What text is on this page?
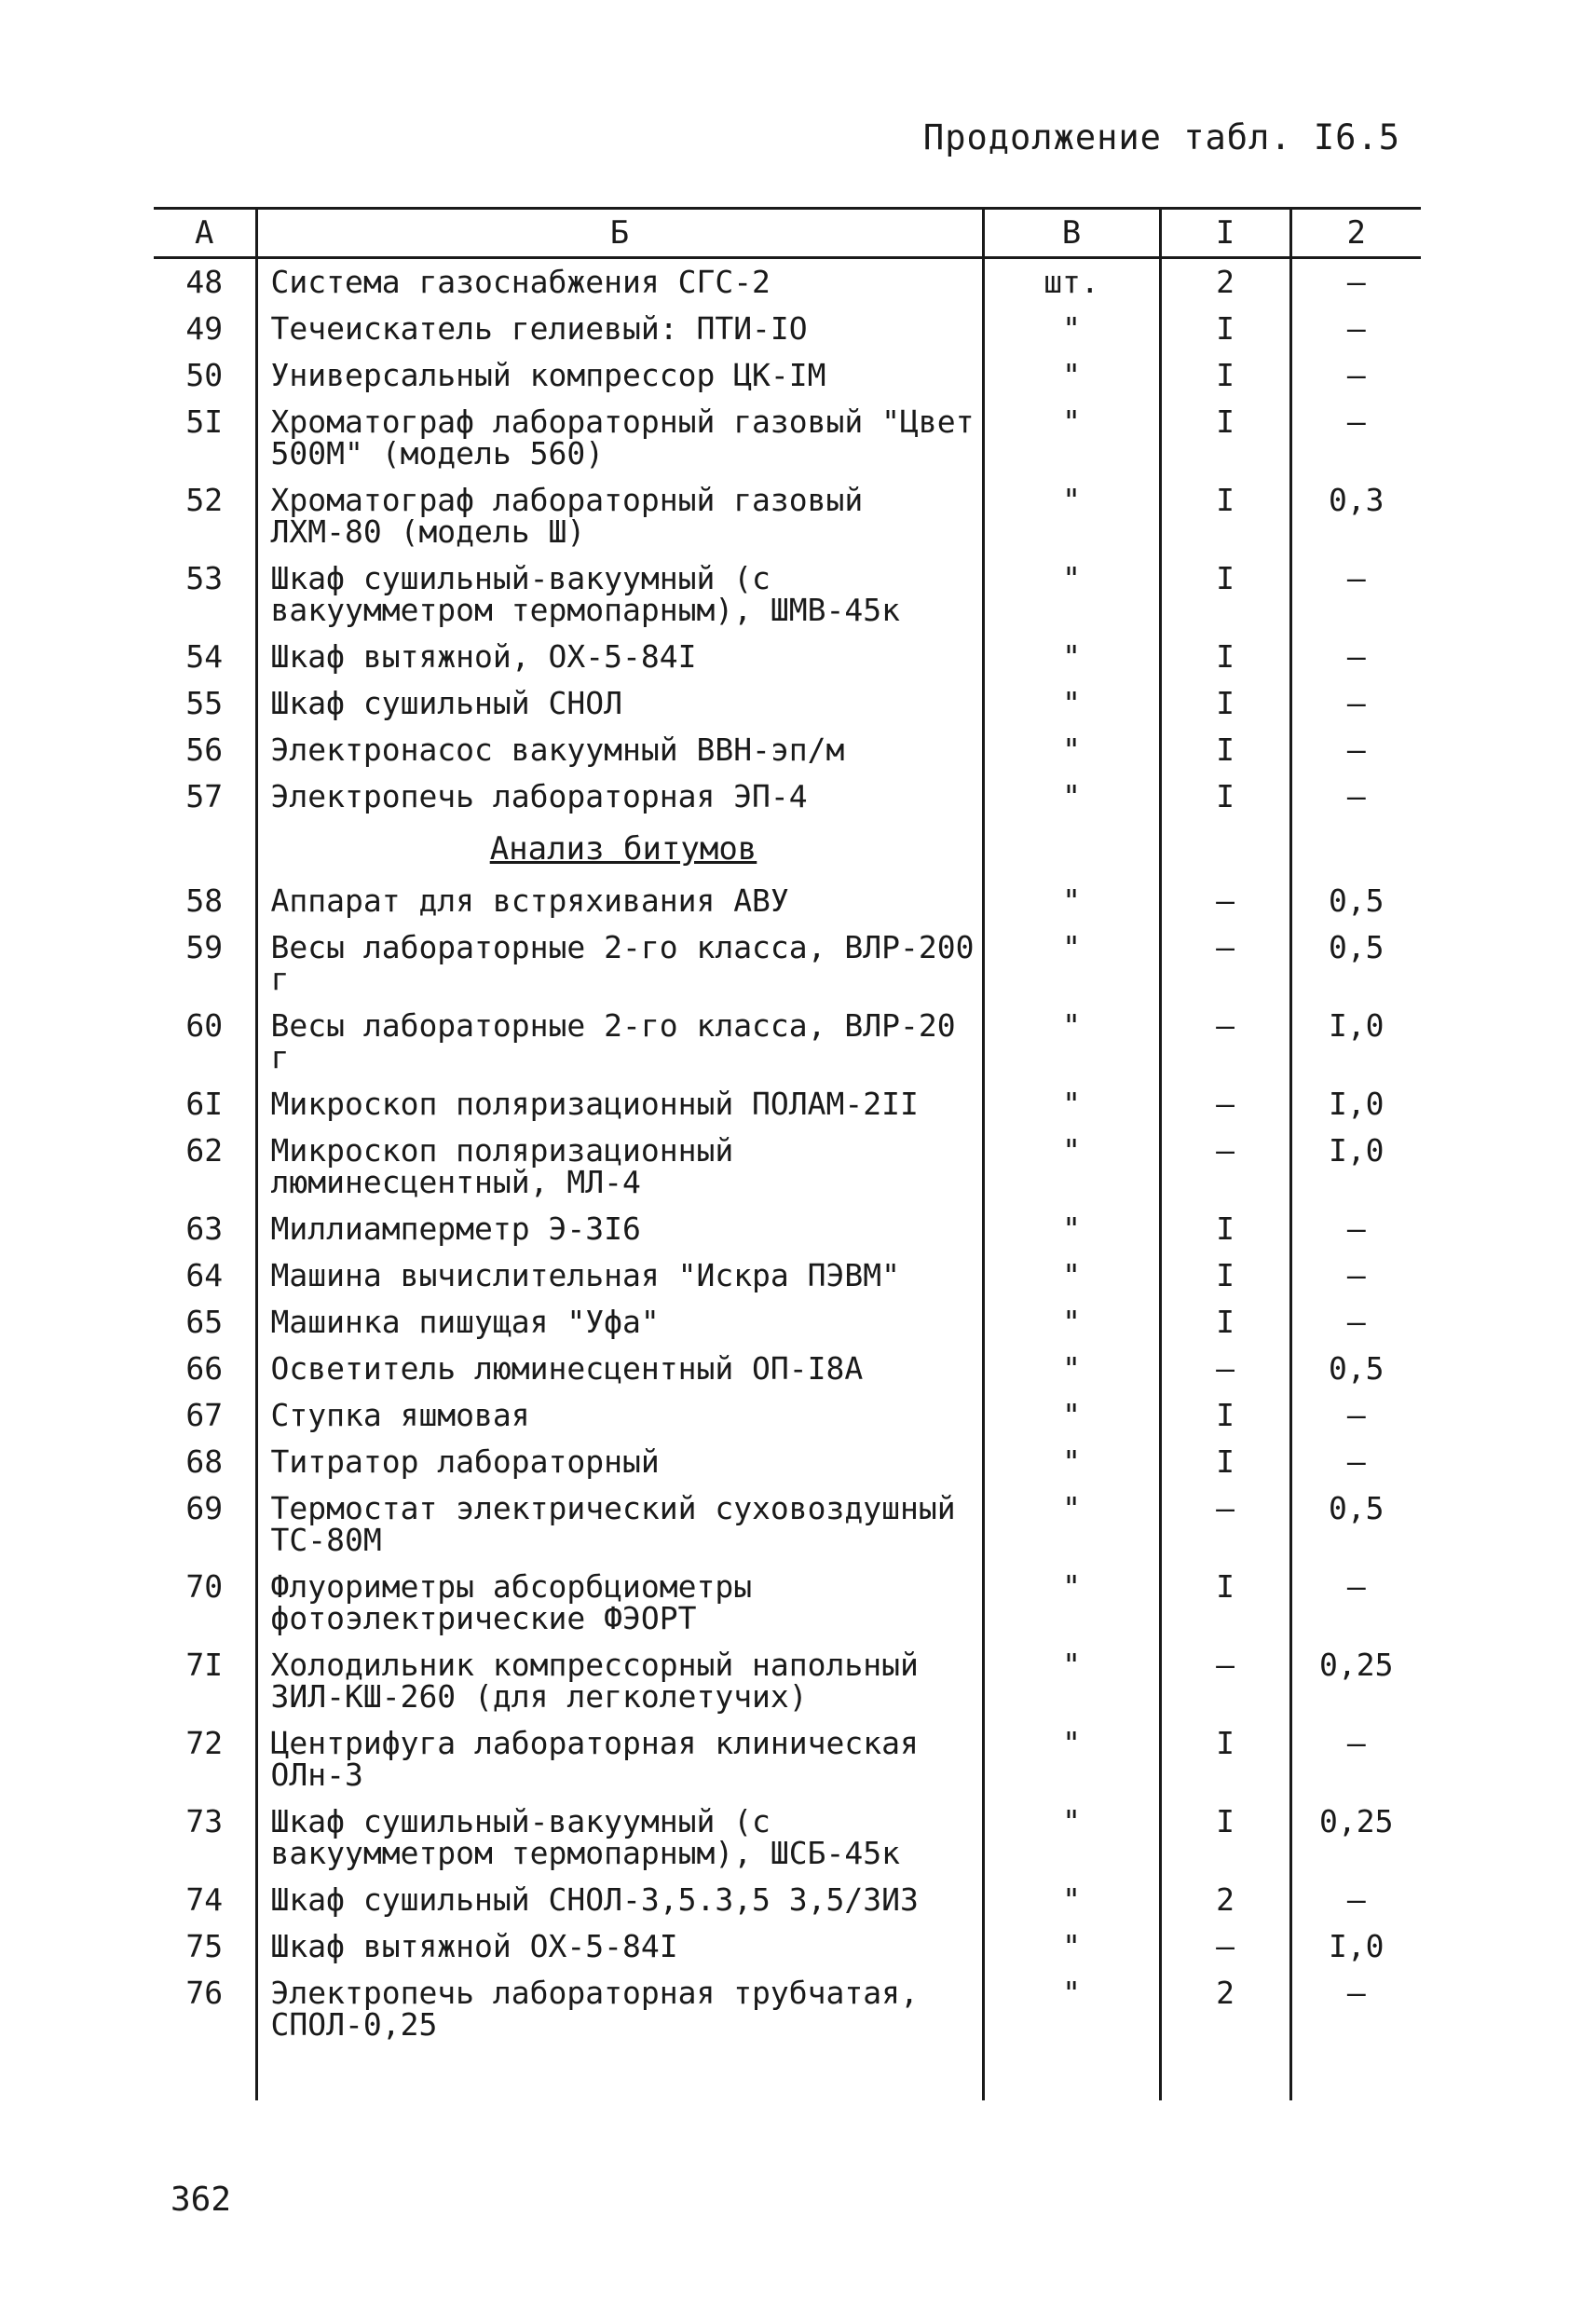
Продолжение табл. I6.5
А	Б	В	I	2
48	Система газоснабжения СГС-2	шт.	2	–
49	Течеискатель гелиевый: ПТИ-IO	"	I	–
50	Универсальный компрессор ЦК-IМ	"	I	–
5I	Хроматограф лабораторный газовый "Цвет 500М" (модель 560)	"	I	–
52	Хроматограф лабораторный газовый ЛХМ-80 (модель Ш)	"	I	0,3
53	Шкаф сушильный-вакуумный (с вакуумметром термопарным), ШМВ-45к	"	I	–
54	Шкаф вытяжной, ОХ-5-84I	"	I	–
55	Шкаф сушильный СНОЛ	"	I	–
56	Электронасос вакуумный ВВН-эп/м	"	I	–
57	Электропечь лабораторная ЭП-4	"	I	–
	Анализ битумов			
58	Аппарат для встряхивания АВУ	"	–	0,5
59	Весы лабораторные 2-го класса, ВЛР-200 г	"	–	0,5
60	Весы лабораторные 2-го класса, ВЛР-20 г	"	–	I,0
6I	Микроскоп поляризационный ПОЛАМ-2II	"	–	I,0
62	Микроскоп поляризационный люминесцентный, МЛ-4	"	–	I,0
63	Миллиамперметр Э-3I6	"	I	–
64	Машина вычислительная "Искра ПЭВМ"	"	I	–
65	Машинка пишущая "Уфа"	"	I	–
66	Осветитель люминесцентный ОП-I8А	"	–	0,5
67	Ступка яшмовая	"	I	–
68	Титратор лабораторный	"	I	–
69	Термостат электрический суховоздушный ТС-80М	"	–	0,5
70	Флуориметры абсорбциометры фотоэлектрические ФЭОРТ	"	I	–
7I	Холодильник компрессорный напольный ЗИЛ-КШ-260 (для легколетучих)	"	–	0,25
72	Центрифуга лабораторная клиническая ОЛн-3	"	I	–
73	Шкаф сушильный-вакуумный (с вакуумметром термопарным), ШСБ-45к	"	I	0,25
74	Шкаф сушильный СНОЛ-3,5.3,5 3,5/3ИЗ	"	2	–
75	Шкаф вытяжной ОХ-5-84I	"	–	I,0
76	Электропечь лабораторная трубчатая, СПОЛ-0,25	"	2	–

362
